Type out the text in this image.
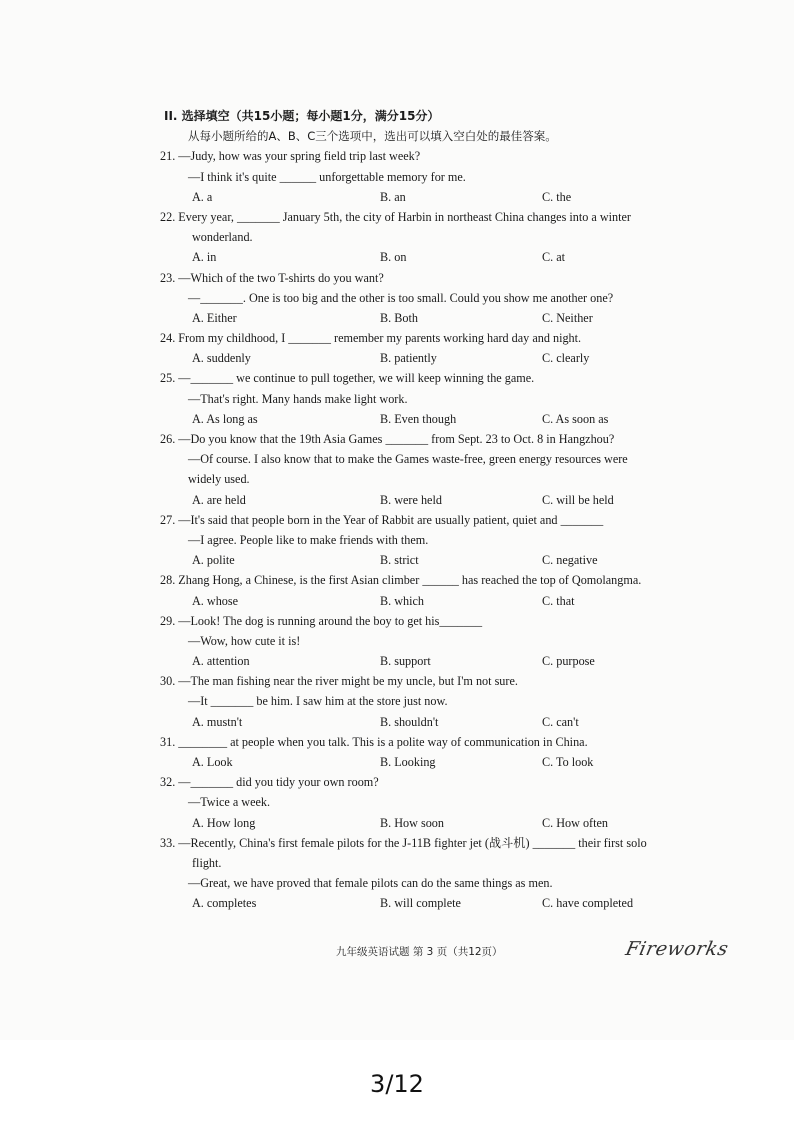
II. 选择填空（共15小题；每小题1分，满分15分）
从每小题所给的A、B、C三个选项中，选出可以填入空白处的最佳答案。
21. —Judy, how was your spring field trip last week?
—I think it's quite ______ unforgettable memory for me.
A. a	B. an	C. the
22. Every year, _______ January 5th, the city of Harbin in northeast China changes into a winter
wonderland.
A. in	B. on	C. at
23. —Which of the two T-shirts do you want?
—_______. One is too big and the other is too small. Could you show me another one?
A. Either	B. Both	C. Neither
24. From my childhood, I _______ remember my parents working hard day and night.
A. suddenly	B. patiently	C. clearly
25. —_______ we continue to pull together, we will keep winning the game.
—That's right. Many hands make light work.
A. As long as	B. Even though	C. As soon as
26. —Do you know that the 19th Asia Games _______ from Sept. 23 to Oct. 8 in Hangzhou?
—Of course. I also know that to make the Games waste-free, green energy resources were
widely used.
A. are held	B. were held	C. will be held
27. —It's said that people born in the Year of Rabbit are usually patient, quiet and _______
—I agree. People like to make friends with them.
A. polite	B. strict	C. negative
28. Zhang Hong, a Chinese, is the first Asian climber ______ has reached the top of Qomolangma.
A. whose	B. which	C. that
29. —Look! The dog is running around the boy to get his_______
—Wow, how cute it is!
A. attention	B. support	C. purpose
30. —The man fishing near the river might be my uncle, but I'm not sure.
—It _______ be him. I saw him at the store just now.
A. mustn't	B. shouldn't	C. can't
31. ________ at people when you talk. This is a polite way of communication in China.
A. Look	B. Looking	C. To look
32. —_______ did you tidy your own room?
—Twice a week.
A. How long	B. How soon	C. How often
33. —Recently, China's first female pilots for the J-11B fighter jet (战斗机) _______ their first solo
flight.
—Great, we have proved that female pilots can do the same things as men.
A. completes	B. will complete	C. have completed
九年级英语试题 第 3 页（共12页）	Fireworks
3/12
